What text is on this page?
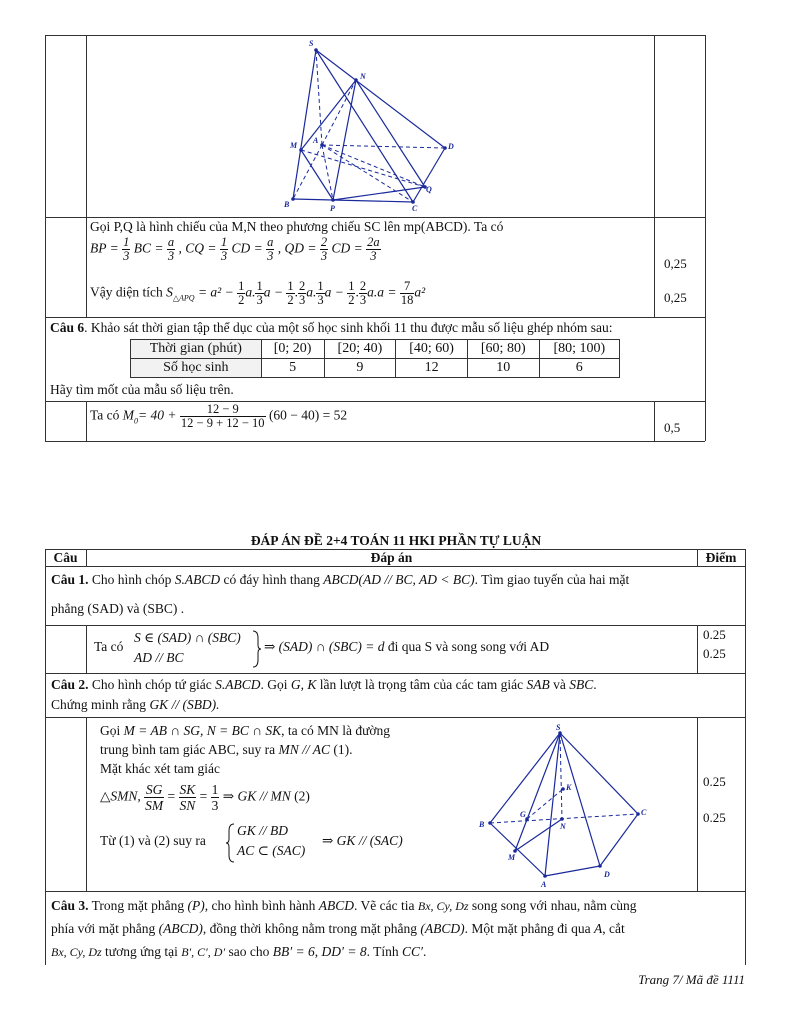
S
N
M
A
D
Q
B	P	C
Gọi P,Q là hình chiếu của M,N theo phương chiếu SC lên mp(ABCD). Ta có
BP = $\frac{1}{3}$ BC = $\frac{a}{3}$ , CQ = $\frac{1}{3}$ CD = $\frac{a}{3}$ , QD = $\frac{2}{3}$ CD = $\frac{2a}{3}$
Vậy diện tích $S_{\triangle APQ} = a^2 - \frac{1}{2} a$. $\frac{1}{3}$ $a - \frac{1}{2}$ . $\frac{2}{3} a$. $\frac{1}{3}$ $a - \frac{1}{2}$ . $\frac{2}{3} a.a = \frac{7}{18} a^2$
0,25
0,25
Câu 6. Khảo sát thời gian tập thể dục của một số học sinh khối 11 thu được mẫu số liệu ghép nhóm sau:
Thời gian (phút)	[0; 20)	[20; 40)	[40; 60)	[60; 80)	[80; 100)
Số học sinh	5	9	12	10	6
Hãy tìm mốt của mẫu số liệu trên.
Ta có $M_0= 40 + \frac{12 - 9}{12 - 9 + 12 - 10} (60 - 40) = 52$
0,5
ĐÁP ÁN ĐỀ 2+4 TOÁN 11 HKI PHẦN TỰ LUẬN
Câu	Đáp án	Điểm
Câu 1. Cho hình chóp S.ABCD có đáy hình thang ABCD(AD // BC, AD < BC). Tìm giao tuyến của hai mặt
phẳng (SAD) và (SBC) .
Ta có
S ∈ (SAD) ∩ (SBC)
AD // BC
⇒ (SAD) ∩ (SBC) = d đi qua S và song song với AD
0.25
0.25
Câu 2. Cho hình chóp tứ giác S.ABCD. Gọi G, K lần lượt là trọng tâm của các tam giác SAB và SBC.
Chứng minh rằng GK // (SBD).
Gọi M = AB ∩ SG, N = BC ∩ SK, ta có MN là đường
trung bình tam giác ABC, suy ra MN // AC (1).
Mặt khác xét tam giác
△SMN, $\frac{SG}{SM} = \frac{SK}{SN} = \frac{1}{3}$ ⇒ GK // MN (2)
Từ (1) và (2) suy ra
GK // BD
AC ⊂ (SAC)
⇒ GK // (SAC)
0.25
0.25
S
K
C
B
G
N
M
A
D
Câu 3. Trong mặt phẳng (P), cho hình bình hành ABCD. Vẽ các tia Bx, Cy, Dz song song với nhau, nằm cùng
phía với mặt phẳng (ABCD), đồng thời không nằm trong mặt phẳng (ABCD). Một mặt phẳng đi qua A, cắt
Bx, Cy, Dz tương ứng tại B′, C′, D′ sao cho BB′ = 6, DD′ = 8. Tính CC′.
Trang 7/ Mã đề 1111
